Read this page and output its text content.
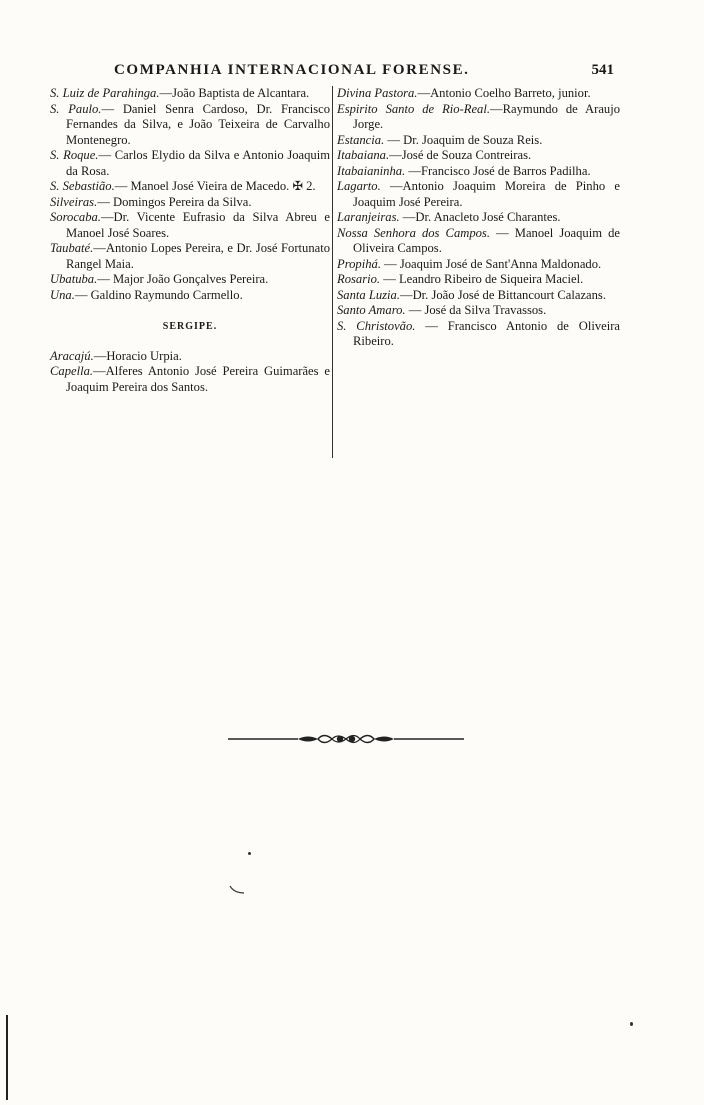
COMPANHIA INTERNACIONAL FORENSE.	541
S. Luiz de Parahinga.—João Baptista de Alcantara.
S. Paulo.— Daniel Senra Cardoso, Dr. Francisco Fernandes da Silva, e João Teixeira de Carvalho Montenegro.
S. Roque.— Carlos Elydio da Silva e Antonio Joaquim da Rosa.
S. Sebastião.— Manoel José Vieira de Macedo. ✠ 2.
Silveiras.— Domingos Pereira da Silva.
Sorocaba.—Dr. Vicente Eufrasio da Silva Abreu e Manoel José Soares.
Taubaté.—Antonio Lopes Pereira, e Dr. José Fortunato Rangel Maia.
Ubatuba.— Major João Gonçalves Pereira.
Una.— Galdino Raymundo Carmello.
SERGIPE.
Aracajú.—Horacio Urpia.
Capella.—Alferes Antonio José Pereira Guimarães e Joaquim Pereira dos Santos.
Divina Pastora.—Antonio Coelho Barreto, junior.
Espirito Santo de Rio-Real.—Raymundo de Araujo Jorge.
Estancia. — Dr. Joaquim de Souza Reis.
Itabaiana.—José de Souza Contreiras.
Itabaianinha. —Francisco José de Barros Padilha.
Lagarto. —Antonio Joaquim Moreira de Pinho e Joaquim José Pereira.
Laranjeiras. —Dr. Anacleto José Charantes.
Nossa Senhora dos Campos. — Manoel Joaquim de Oliveira Campos.
Propihá. — Joaquim José de Sant'Anna Maldonado.
Rosario. — Leandro Ribeiro de Siqueira Maciel.
Santa Luzia.—Dr. João José de Bittancourt Calazans.
Santo Amaro. — José da Silva Travassos.
S. Christovão. — Francisco Antonio de Oliveira Ribeiro.
